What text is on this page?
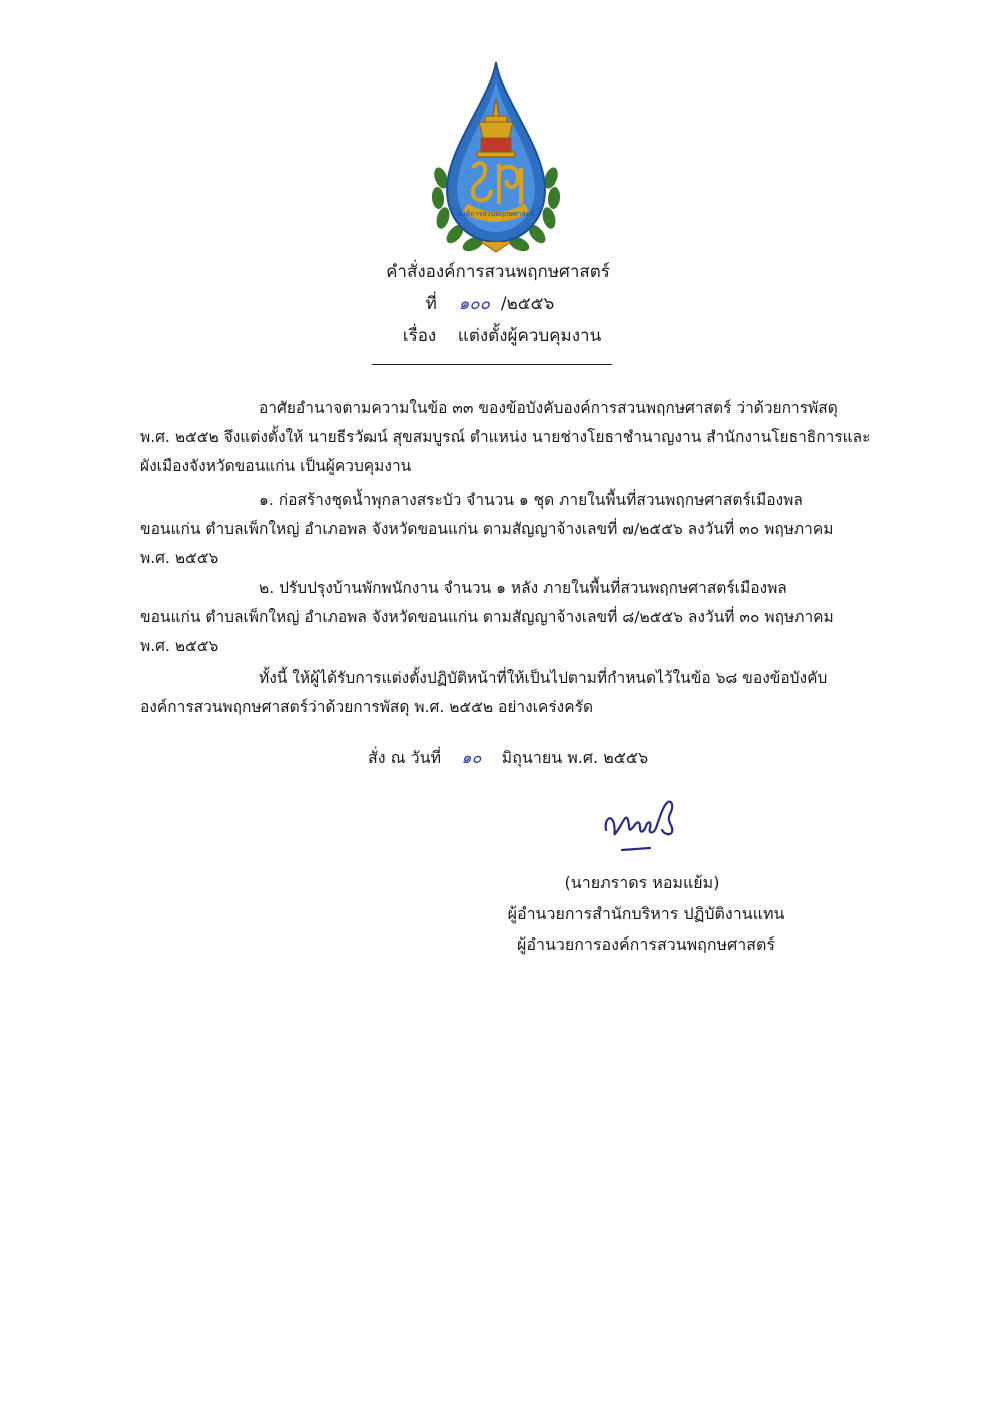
องค์การสวนพฤกษศาสตร์
คำสั่งองค์การสวนพฤกษศาสตร์
ที่ ๑๐๐ /๒๕๕๖
เรื่อง แต่งตั้งผู้ควบคุมงาน
อาศัยอำนาจตามความในข้อ ๓๓ ของข้อบังคับองค์การสวนพฤกษศาสตร์ ว่าด้วยการพัสดุ
พ.ศ. ๒๕๕๒ จึงแต่งตั้งให้ นายธีรวัฒน์ สุขสมบูรณ์ ตำแหน่ง นายช่างโยธาชำนาญงาน สำนักงานโยธาธิการและ
ผังเมืองจังหวัดขอนแก่น เป็นผู้ควบคุมงาน
๑. ก่อสร้างชุดน้ำพุกลางสระบัว จำนวน ๑ ชุด ภายในพื้นที่สวนพฤกษศาสตร์เมืองพล
ขอนแก่น ตำบลเพ็กใหญ่ อำเภอพล จังหวัดขอนแก่น ตามสัญญาจ้างเลขที่ ๗/๒๕๕๖ ลงวันที่ ๓๐ พฤษภาคม
พ.ศ. ๒๕๕๖
๒. ปรับปรุงบ้านพักพนักงาน จำนวน ๑ หลัง ภายในพื้นที่สวนพฤกษศาสตร์เมืองพล
ขอนแก่น ตำบลเพ็กใหญ่ อำเภอพล จังหวัดขอนแก่น ตามสัญญาจ้างเลขที่ ๘/๒๕๕๖ ลงวันที่ ๓๐ พฤษภาคม
พ.ศ. ๒๕๕๖
ทั้งนี้ ให้ผู้ได้รับการแต่งตั้งปฏิบัติหน้าที่ให้เป็นไปตามที่กำหนดไว้ในข้อ ๖๘ ของข้อบังคับ
องค์การสวนพฤกษศาสตร์ว่าด้วยการพัสดุ พ.ศ. ๒๕๕๒ อย่างเคร่งครัด
สั่ง ณ วันที่ ๑๐ มิถุนายน พ.ศ. ๒๕๕๖
(นายภราดร หอมแย้ม)
ผู้อำนวยการสำนักบริหาร ปฏิบัติงานแทน
ผู้อำนวยการองค์การสวนพฤกษศาสตร์
